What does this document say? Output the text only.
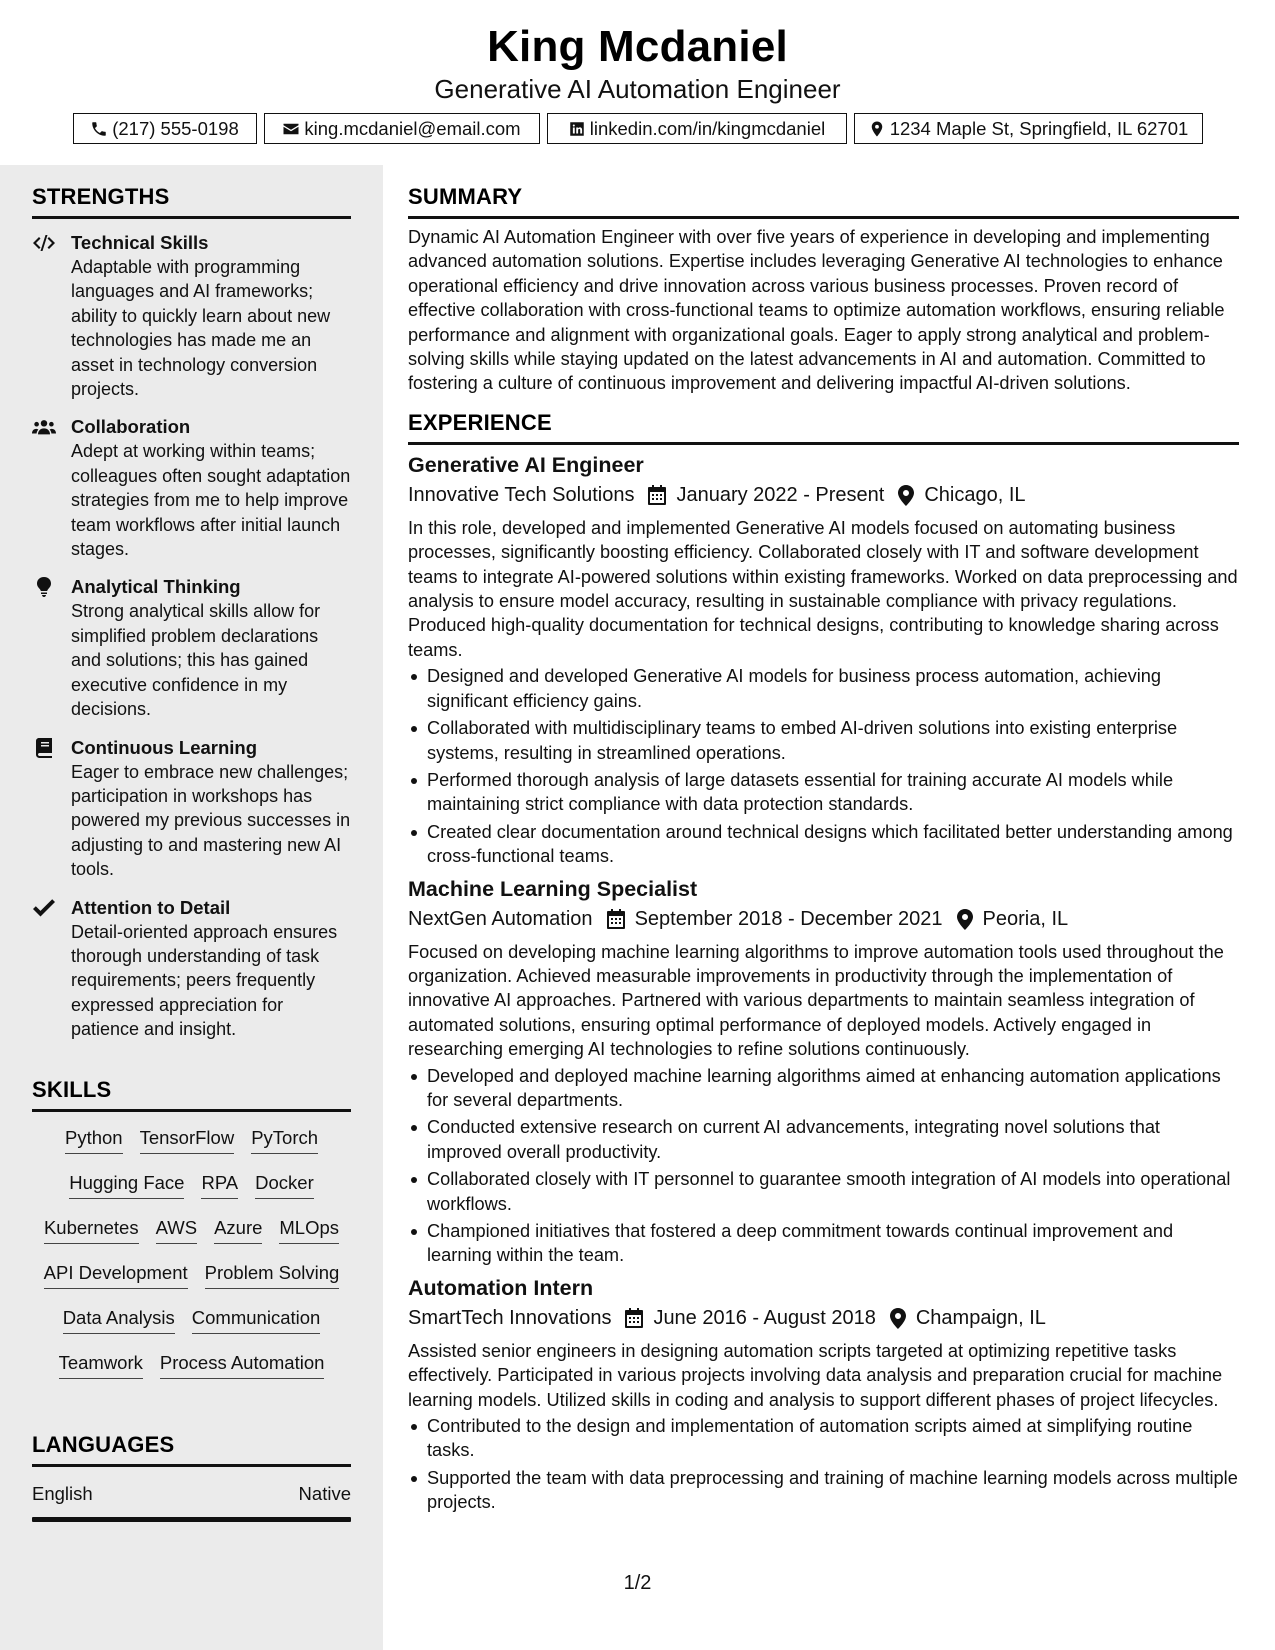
King Mcdaniel
Generative AI Automation Engineer
(217) 555-0198	king.mcdaniel@email.com	linkedin.com/in/kingmcdaniel	1234 Maple St, Springfield, IL 62701
STRENGTHS
Technical Skills
Adaptable with programming languages and AI frameworks; ability to quickly learn about new technologies has made me an asset in technology conversion projects.
Collaboration
Adept at working within teams; colleagues often sought adaptation strategies from me to help improve team workflows after initial launch stages.
Analytical Thinking
Strong analytical skills allow for simplified problem declarations and solutions; this has gained executive confidence in my decisions.
Continuous Learning
Eager to embrace new challenges; participation in workshops has powered my previous successes in adjusting to and mastering new AI tools.
Attention to Detail
Detail-oriented approach ensures thorough understanding of task requirements; peers frequently expressed appreciation for patience and insight.
SKILLS
Python TensorFlow PyTorch
Hugging Face RPA Docker
Kubernetes AWS Azure MLOps
API Development Problem Solving
Data Analysis Communication
Teamwork Process Automation
LANGUAGES
English	Native
SUMMARY
Dynamic AI Automation Engineer with over five years of experience in developing and implementing advanced automation solutions. Expertise includes leveraging Generative AI technologies to enhance operational efficiency and drive innovation across various business processes. Proven record of effective collaboration with cross-functional teams to optimize automation workflows, ensuring reliable performance and alignment with organizational goals. Eager to apply strong analytical and problem-solving skills while staying updated on the latest advancements in AI and automation. Committed to fostering a culture of continuous improvement and delivering impactful AI-driven solutions.
EXPERIENCE
Generative AI Engineer
Innovative Tech Solutions January 2022 - Present Chicago, IL
In this role, developed and implemented Generative AI models focused on automating business processes, significantly boosting efficiency. Collaborated closely with IT and software development teams to integrate AI-powered solutions within existing frameworks. Worked on data preprocessing and analysis to ensure model accuracy, resulting in sustainable compliance with privacy regulations. Produced high-quality documentation for technical designs, contributing to knowledge sharing across teams.
Designed and developed Generative AI models for business process automation, achieving significant efficiency gains.
Collaborated with multidisciplinary teams to embed AI-driven solutions into existing enterprise systems, resulting in streamlined operations.
Performed thorough analysis of large datasets essential for training accurate AI models while maintaining strict compliance with data protection standards.
Created clear documentation around technical designs which facilitated better understanding among cross-functional teams.
Machine Learning Specialist
NextGen Automation September 2018 - December 2021 Peoria, IL
Focused on developing machine learning algorithms to improve automation tools used throughout the organization. Achieved measurable improvements in productivity through the implementation of innovative AI approaches. Partnered with various departments to maintain seamless integration of automated solutions, ensuring optimal performance of deployed models. Actively engaged in researching emerging AI technologies to refine solutions continuously.
Developed and deployed machine learning algorithms aimed at enhancing automation applications for several departments.
Conducted extensive research on current AI advancements, integrating novel solutions that improved overall productivity.
Collaborated closely with IT personnel to guarantee smooth integration of AI models into operational workflows.
Championed initiatives that fostered a deep commitment towards continual improvement and learning within the team.
Automation Intern
SmartTech Innovations June 2016 - August 2018 Champaign, IL
Assisted senior engineers in designing automation scripts targeted at optimizing repetitive tasks effectively. Participated in various projects involving data analysis and preparation crucial for machine learning models. Utilized skills in coding and analysis to support different phases of project lifecycles.
Contributed to the design and implementation of automation scripts aimed at simplifying routine tasks.
Supported the team with data preprocessing and training of machine learning models across multiple projects.
1/2
